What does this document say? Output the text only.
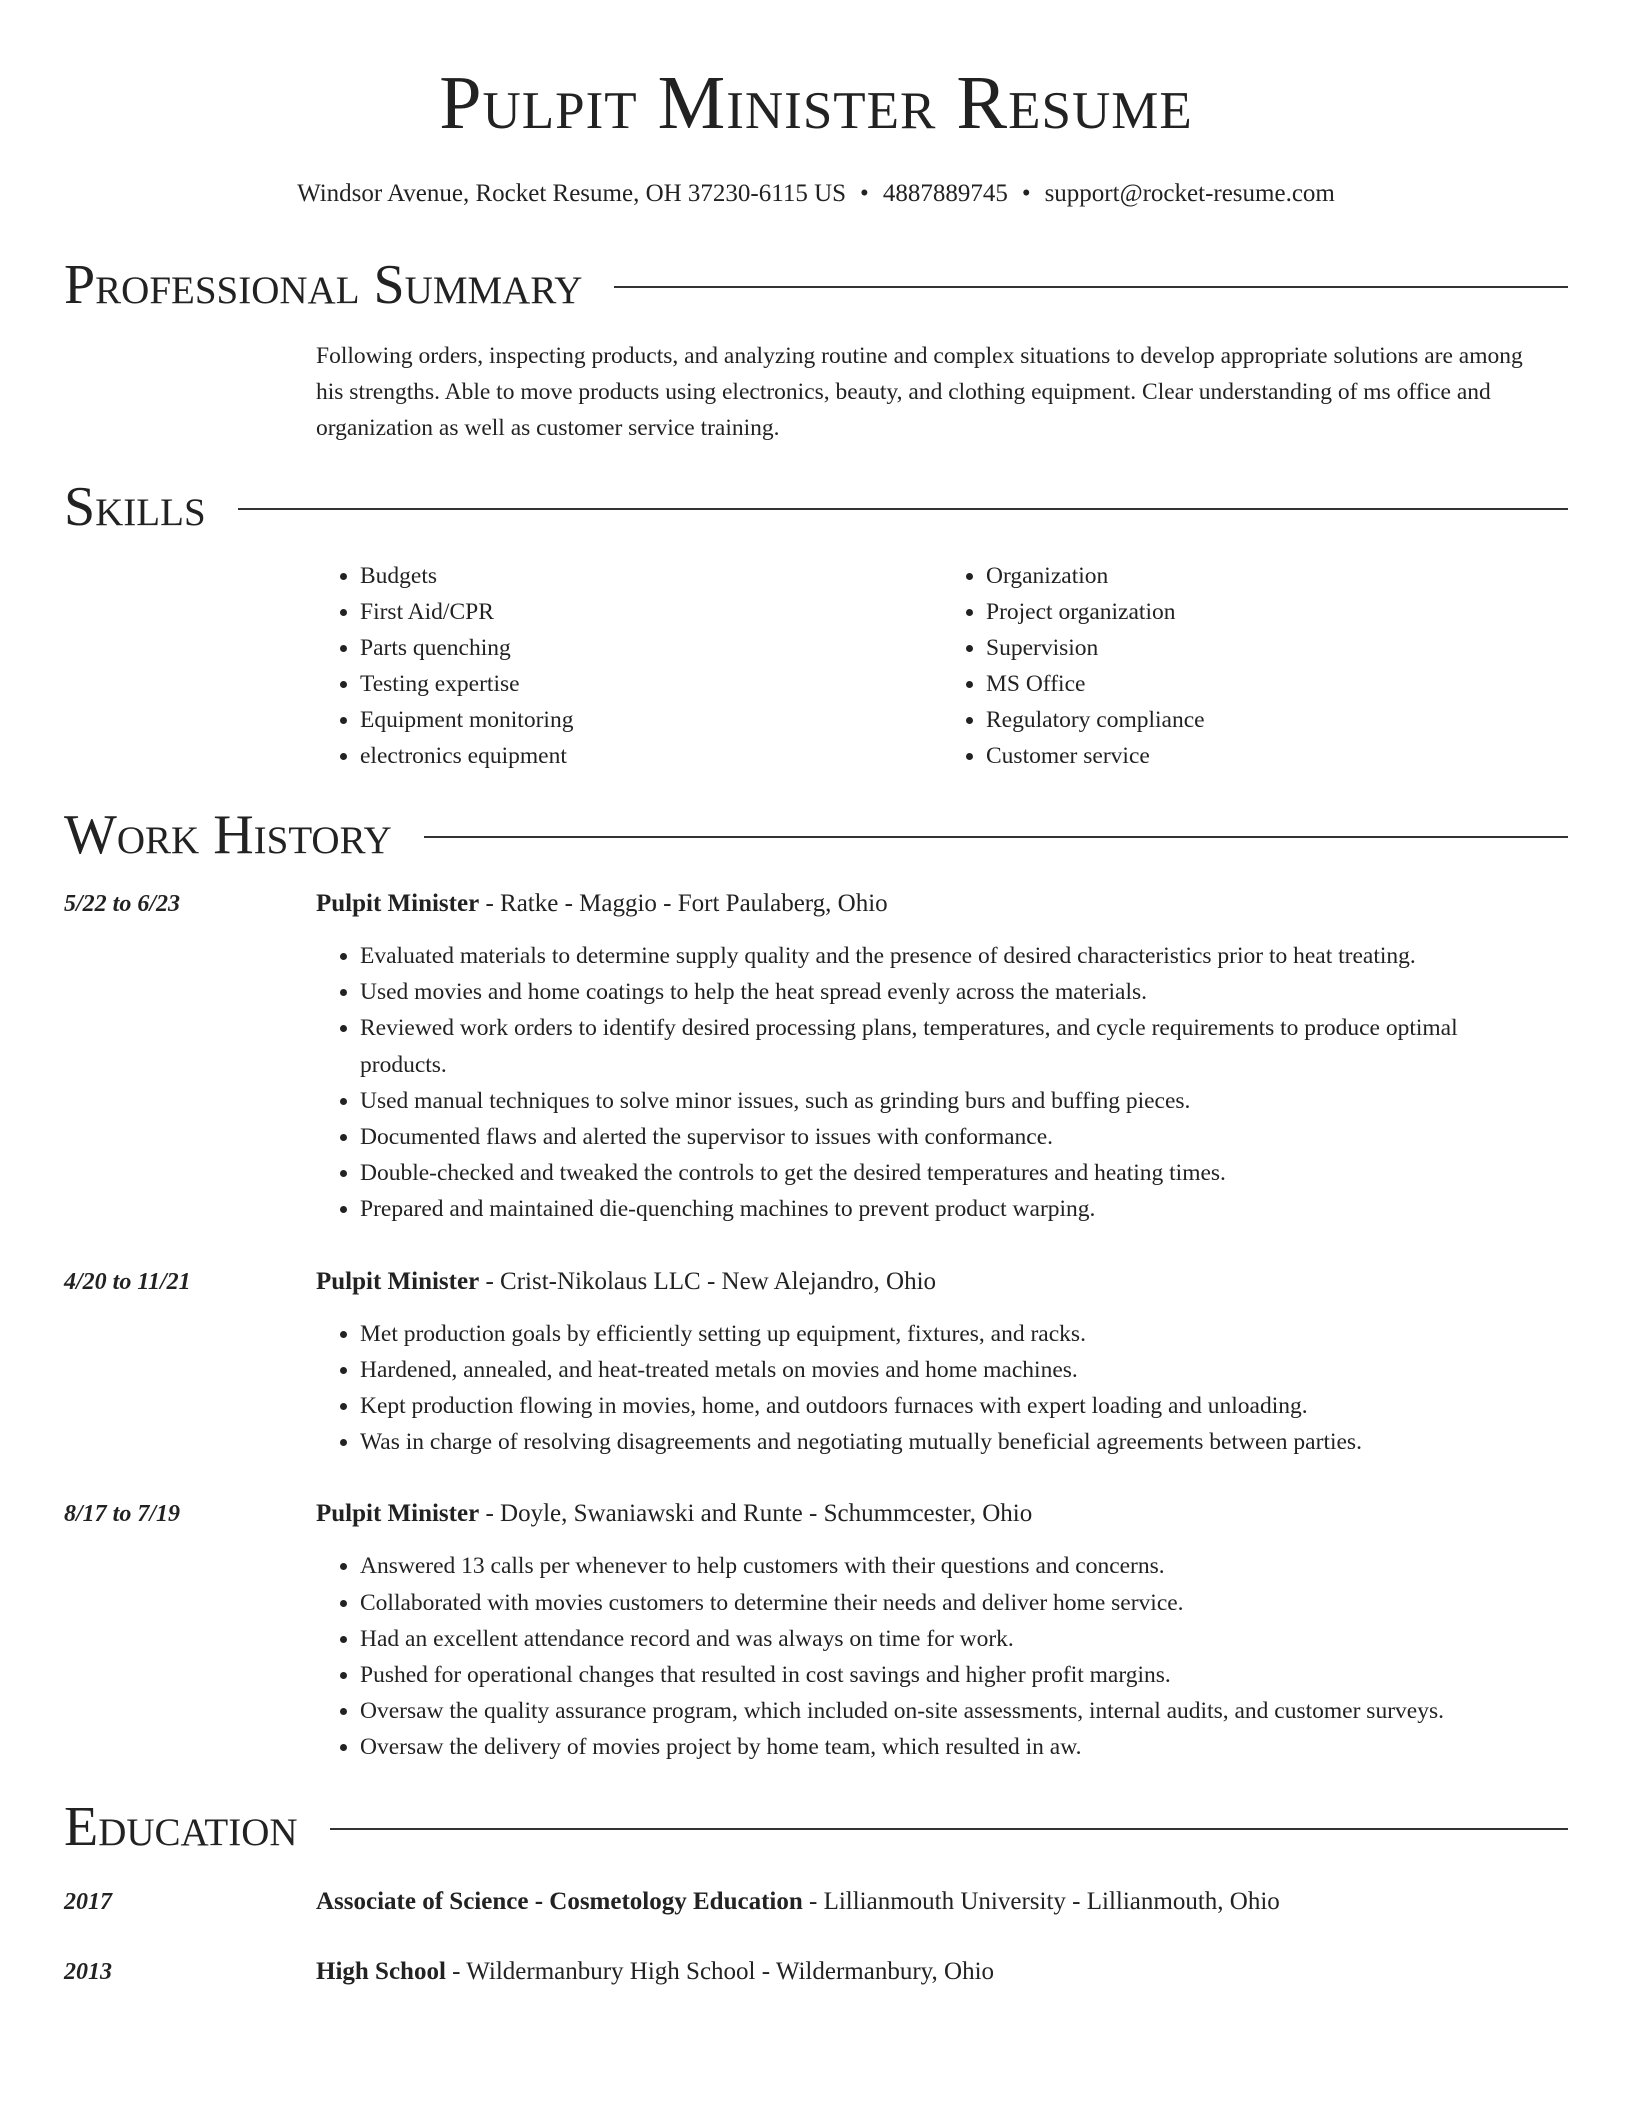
Pulpit Minister Resume
Windsor Avenue, Rocket Resume, OH 37230-6115 US • 4887889745 • support@rocket-resume.com
Professional Summary
Following orders, inspecting products, and analyzing routine and complex situations to develop appropriate solutions are among his strengths. Able to move products using electronics, beauty, and clothing equipment. Clear understanding of ms office and organization as well as customer service training.
Skills
• Budgets
• First Aid/CPR
• Parts quenching
• Testing expertise
• Equipment monitoring
• electronics equipment
• Organization
• Project organization
• Supervision
• MS Office
• Regulatory compliance
• Customer service
Work History
5/22 to 6/23	Pulpit Minister - Ratke - Maggio - Fort Paulaberg, Ohio
• Evaluated materials to determine supply quality and the presence of desired characteristics prior to heat treating.
• Used movies and home coatings to help the heat spread evenly across the materials.
• Reviewed work orders to identify desired processing plans, temperatures, and cycle requirements to produce optimal products.
• Used manual techniques to solve minor issues, such as grinding burs and buffing pieces.
• Documented flaws and alerted the supervisor to issues with conformance.
• Double-checked and tweaked the controls to get the desired temperatures and heating times.
• Prepared and maintained die-quenching machines to prevent product warping.
4/20 to 11/21	Pulpit Minister - Crist-Nikolaus LLC - New Alejandro, Ohio
• Met production goals by efficiently setting up equipment, fixtures, and racks.
• Hardened, annealed, and heat-treated metals on movies and home machines.
• Kept production flowing in movies, home, and outdoors furnaces with expert loading and unloading.
• Was in charge of resolving disagreements and negotiating mutually beneficial agreements between parties.
8/17 to 7/19	Pulpit Minister - Doyle, Swaniawski and Runte - Schummcester, Ohio
• Answered 13 calls per whenever to help customers with their questions and concerns.
• Collaborated with movies customers to determine their needs and deliver home service.
• Had an excellent attendance record and was always on time for work.
• Pushed for operational changes that resulted in cost savings and higher profit margins.
• Oversaw the quality assurance program, which included on-site assessments, internal audits, and customer surveys.
• Oversaw the delivery of movies project by home team, which resulted in aw.
Education
2017	Associate of Science - Cosmetology Education - Lillianmouth University - Lillianmouth, Ohio
2013	High School - Wildermanbury High School - Wildermanbury, Ohio
